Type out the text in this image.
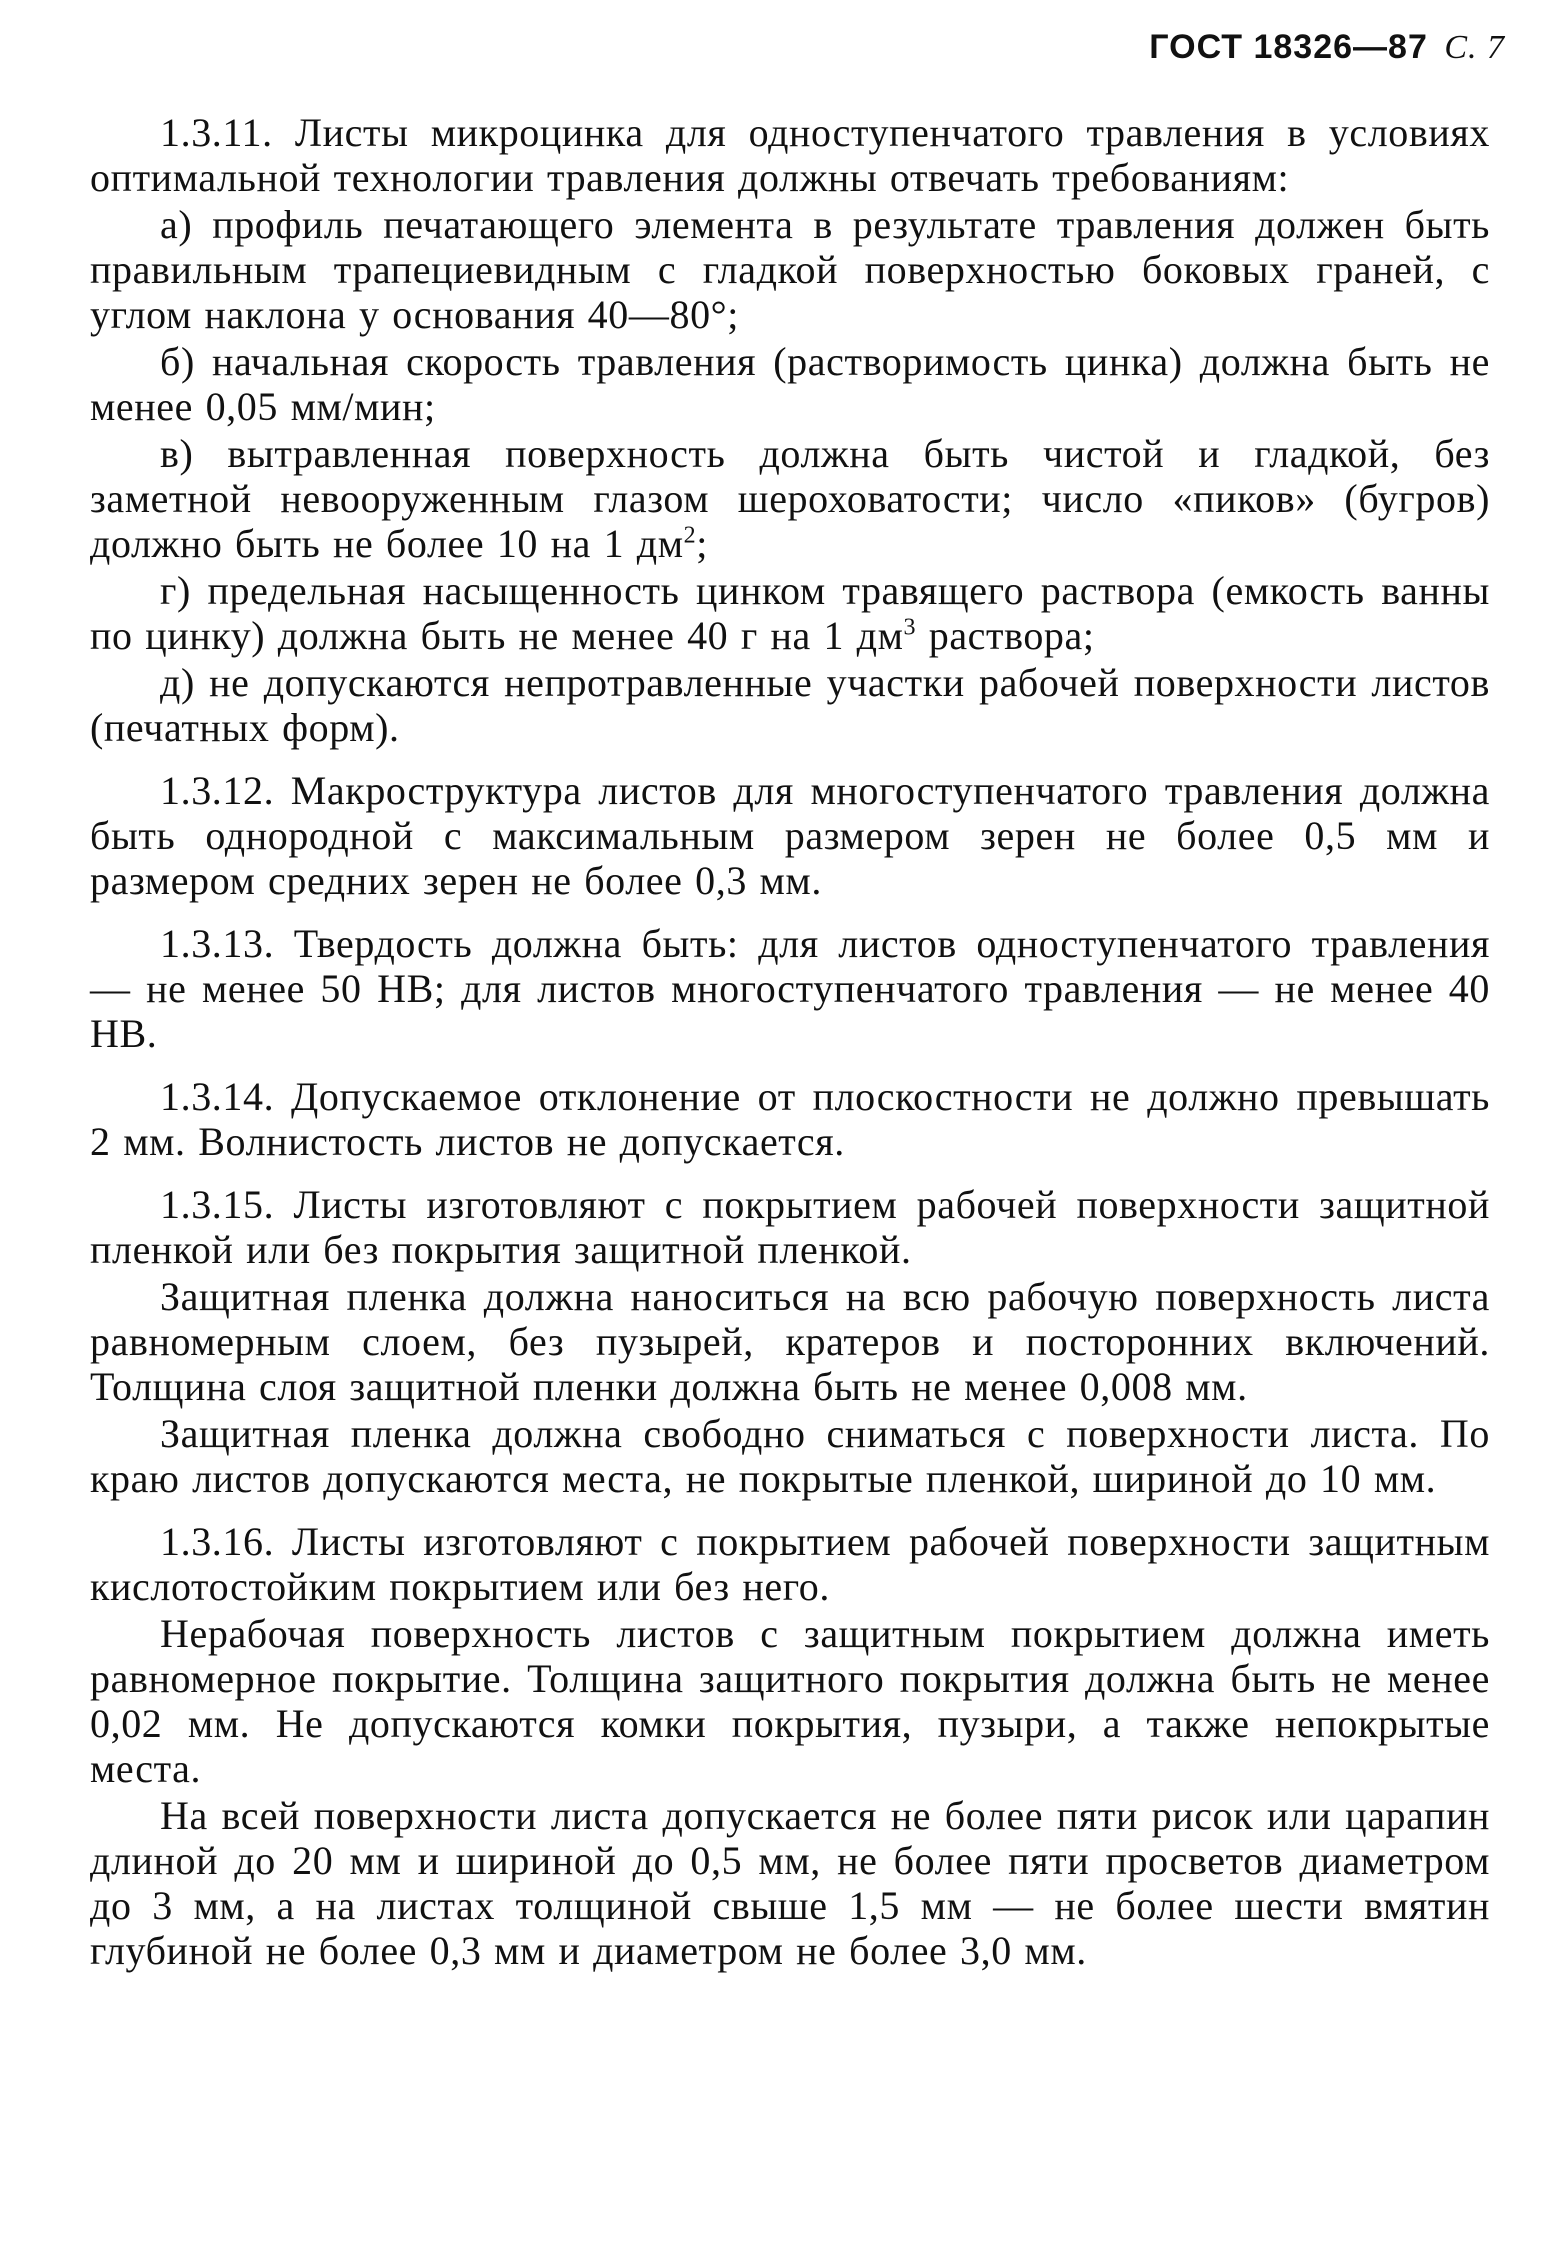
ГОСТ 18326—87 С. 7

1.3.11. Листы микроцинка для одноступенчатого травления в условиях оптимальной технологии травления должны отвечать требованиям:

а) профиль печатающего элемента в результате травления должен быть правильным трапециевидным с гладкой поверхностью боковых граней, с углом наклона у основания 40—80°;

б) начальная скорость травления (растворимость цинка) должна быть не менее 0,05 мм/мин;

в) вытравленная поверхность должна быть чистой и гладкой, без заметной невооруженным глазом шероховатости; число «пиков» (бугров) должно быть не более 10 на 1 $дм^2$;

г) предельная насыщенность цинком травящего раствора (емкость ванны по цинку) должна быть не менее 40 г на 1 $дм^3$ раствора;

д) не допускаются непротравленные участки рабочей поверхности листов (печатных форм).

1.3.12. Макроструктура листов для многоступенчатого травления должна быть однородной с максимальным размером зерен не более 0,5 мм и размером средних зерен не более 0,3 мм.

1.3.13. Твердость должна быть: для листов одноступенчатого травления — не менее 50 НВ; для листов многоступенчатого травления — не менее 40 НВ.

1.3.14. Допускаемое отклонение от плоскостности не должно превышать 2 мм. Волнистость листов не допускается.

1.3.15. Листы изготовляют с покрытием рабочей поверхности защитной пленкой или без покрытия защитной пленкой.

Защитная пленка должна наноситься на всю рабочую поверхность листа равномерным слоем, без пузырей, кратеров и посторонних включений. Толщина слоя защитной пленки должна быть не менее 0,008 мм.

Защитная пленка должна свободно сниматься с поверхности листа. По краю листов допускаются места, не покрытые пленкой, шириной до 10 мм.

1.3.16. Листы изготовляют с покрытием рабочей поверхности защитным кислотостойким покрытием или без него.

Нерабочая поверхность листов с защитным покрытием должна иметь равномерное покрытие. Толщина защитного покрытия должна быть не менее 0,02 мм. Не допускаются комки покрытия, пузыри, а также непокрытые места.

На всей поверхности листа допускается не более пяти рисок или царапин длиной до 20 мм и шириной до 0,5 мм, не более пяти просветов диаметром до 3 мм, а на листах толщиной свыше 1,5 мм — не более шести вмятин глубиной не более 0,3 мм и диаметром не более 3,0 мм.
